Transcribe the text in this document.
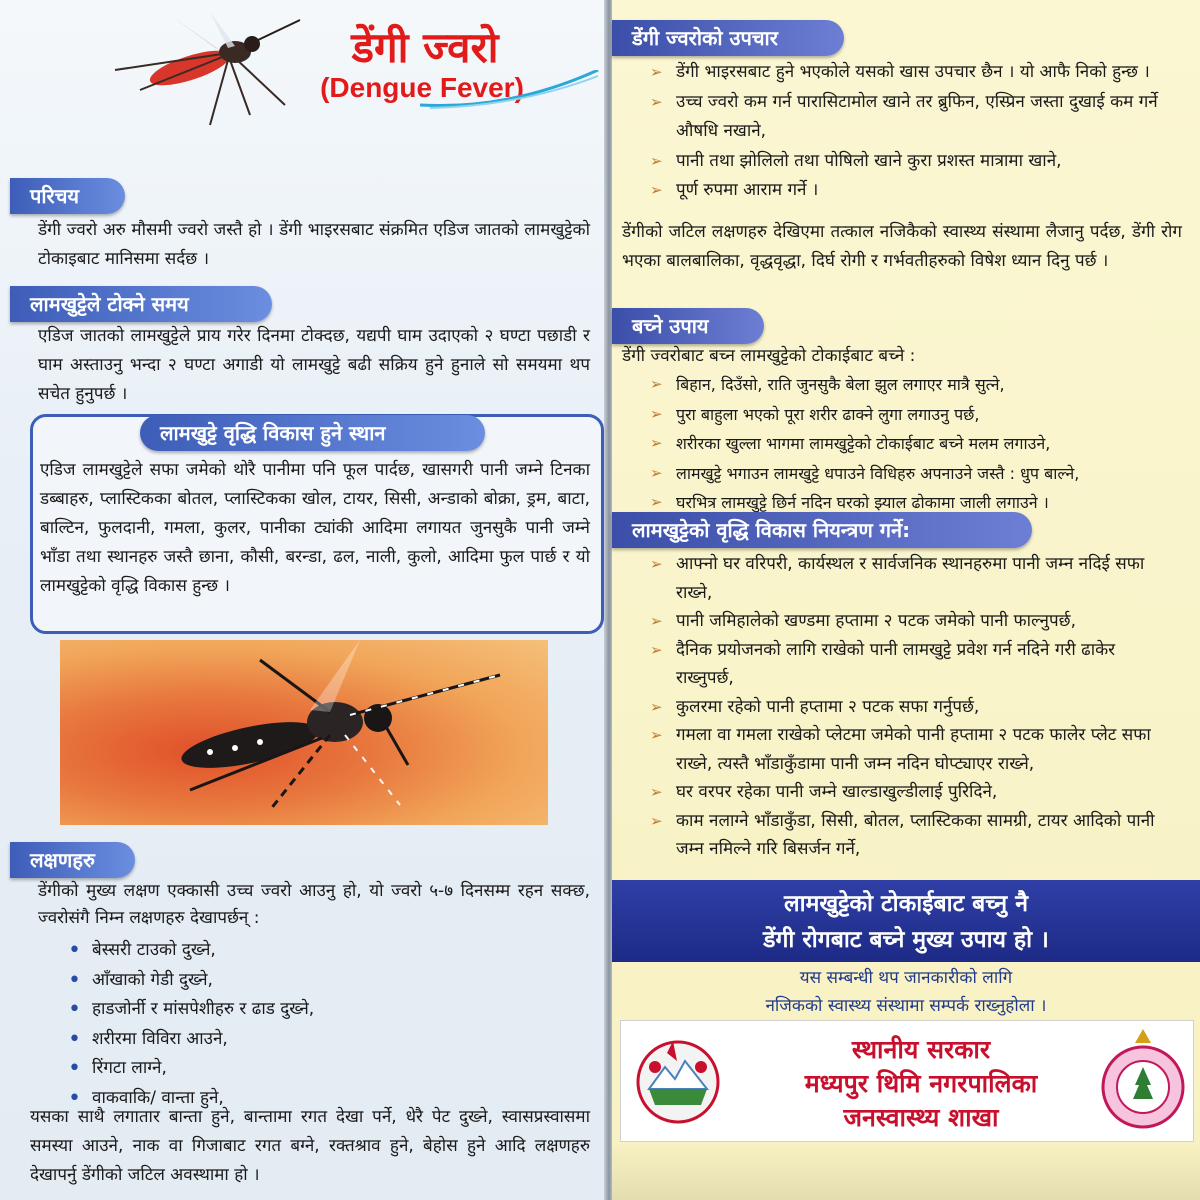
डेंगी ज्वरो
(Dengue Fever)
परिचय
डेंगी ज्वरो अरु मौसमी ज्वरो जस्तै हो । डेंगी भाइरसबाट संक्रमित एडिज जातको लामखुट्टेको टोकाइबाट मानिसमा सर्दछ ।
लामखुट्टेले टोक्ने समय
एडिज जातको लामखुट्टेले प्राय गरेर दिनमा टोक्दछ, यद्यपी घाम उदाएको २ घण्टा पछाडी र घाम अस्ताउनु भन्दा २ घण्टा अगाडी यो लामखुट्टे बढी सक्रिय हुने हुनाले सो समयमा थप सचेत हुनुपर्छ ।
लामखुट्टे वृद्धि विकास हुने स्थान
एडिज लामखुट्टेले सफा जमेको थोरै पानीमा पनि फूल पार्दछ, खासगरी पानी जम्ने टिनका डब्बाहरु, प्लास्टिकका बोतल, प्लास्टिकका खोल, टायर, सिसी, अन्डाको बोक्रा, ड्रम, बाटा, बाल्टिन, फुलदानी, गमला, कुलर, पानीका ट्यांकी आदिमा लगायत जुनसुकै पानी जम्ने भाँडा तथा स्थानहरु जस्तै छाना, कौसी, बरन्डा, ढल, नाली, कुलो, आदिमा फुल पार्छ र यो लामखुट्टेको वृद्धि विकास हुन्छ ।
लक्षणहरु
डेंगीको मुख्य लक्षण एक्कासी उच्च ज्वरो आउनु हो, यो ज्वरो ५-७ दिनसम्म रहन सक्छ, ज्वरोसंगै निम्न लक्षणहरु देखापर्छन् :
• बेस्सरी टाउको दुख्ने,
• आँखाको गेडी दुख्ने,
• हाडजोर्नी र मांसपेशीहरु र ढाड दुख्ने,
• शरीरमा विविरा आउने,
• रिंगटा लाग्ने,
• वाकवाकि/ वान्ता हुने,
यसका साथै लगातार बान्ता हुने, बान्तामा रगत देखा पर्ने, धेरै पेट दुख्ने, स्वासप्रस्वासमा समस्या आउने, नाक वा गिजाबाट रगत बग्ने, रक्तश्राव हुने, बेहोस हुने आदि लक्षणहरु देखापर्नु डेंगीको जटिल अवस्थामा हो ।
डेंगी ज्वरोको उपचार
➢ डेंगी भाइरसबाट हुने भएकोले यसको खास उपचार छैन । यो आफै निको हुन्छ ।
➢ उच्च ज्वरो कम गर्न पारासिटामोल खाने तर ब्रुफिन, एस्प्रिन जस्ता दुखाई कम गर्ने औषधि नखाने,
➢ पानी तथा झोलिलो तथा पोषिलो खाने कुरा प्रशस्त मात्रामा खाने,
➢ पूर्ण रुपमा आराम गर्ने ।
डेंगीको जटिल लक्षणहरु देखिएमा तत्काल नजिकैको स्वास्थ्य संस्थामा लैजानु पर्दछ, डेंगी रोग भएका बालबालिका, वृद्धवृद्धा, दिर्घ रोगी र गर्भवतीहरुको विषेश ध्यान दिनु पर्छ ।
बच्ने उपाय
डेंगी ज्वरोबाट बच्न लामखुट्टेको टोकाईबाट बच्ने :
➢ बिहान, दिउँसो, राति जुनसुकै बेला झुल लगाएर मात्रै सुत्ने,
➢ पुरा बाहुला भएको पूरा शरीर ढाक्ने लुगा लगाउनु पर्छ,
➢ शरीरका खुल्ला भागमा लामखुट्टेको टोकाईबाट बच्ने मलम लगाउने,
➢ लामखुट्टे भगाउन लामखुट्टे धपाउने विधिहरु अपनाउने जस्तै : धुप बाल्ने,
➢ घरभित्र लामखुट्टे छिर्न नदिन घरको झ्याल ढोकामा जाली लगाउने ।
लामखुट्टेको वृद्धि विकास नियन्त्रण गर्ने:
➢ आफ्नो घर वरिपरी, कार्यस्थल र सार्वजनिक स्थानहरुमा पानी जम्न नदिई सफा राख्ने,
➢ पानी जमिहालेको खण्डमा हप्तामा २ पटक जमेको पानी फाल्नुपर्छ,
➢ दैनिक प्रयोजनको लागि राखेको पानी लामखुट्टे प्रवेश गर्न नदिने गरी ढाकेर राख्नुपर्छ,
➢ कुलरमा रहेको पानी हप्तामा २ पटक सफा गर्नुपर्छ,
➢ गमला वा गमला राखेको प्लेटमा जमेको पानी हप्तामा २ पटक फालेर प्लेट सफा राख्ने, त्यस्तै भाँडाकुँडामा पानी जम्न नदिन घोप्ट्याएर राख्ने,
➢ घर वरपर रहेका पानी जम्ने खाल्डाखुल्डीलाई पुरिदिने,
➢ काम नलाग्ने भाँडाकुँडा, सिसी, बोतल, प्लास्टिकका सामग्री, टायर आदिको पानी जम्न नमिल्ने गरि बिसर्जन गर्ने,
लामखुट्टेको टोकाईबाट बच्नु नै
डेंगी रोगबाट बच्ने मुख्य उपाय हो ।
यस सम्बन्धी थप जानकारीको लागि
नजिकको स्वास्थ्य संस्थामा सम्पर्क राख्नुहोला ।
स्थानीय सरकार
मध्यपुर थिमि नगरपालिका
जनस्वास्थ्य शाखा
